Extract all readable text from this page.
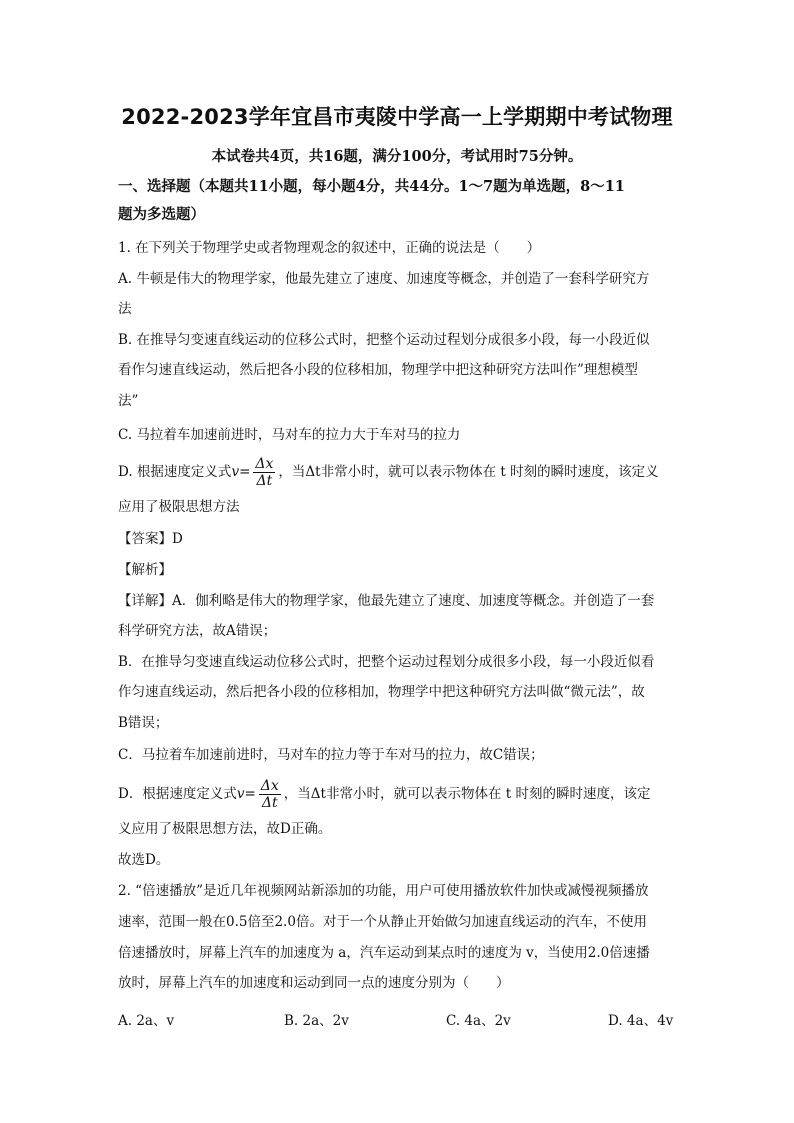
2022-2023学年宜昌市夷陵中学高一上学期期中考试物理
本试卷共4页，共16题，满分100分，考试用时75分钟。
一、选择题（本题共11小题，每小题4分，共44分。1～7题为单选题，8～11
题为多选题）
1. 在下列关于物理学史或者物理观念的叙述中，正确的说法是（　　）
A. 牛顿是伟大的物理学家，他最先建立了速度、加速度等概念，并创造了一套科学研究方
法
B. 在推导匀变速直线运动的位移公式时，把整个运动过程划分成很多小段，每一小段近似
看作匀速直线运动，然后把各小段的位移相加，物理学中把这种研究方法叫作”理想模型
法”
C. 马拉着车加速前进时，马对车的拉力大于车对马的拉力
D. 根据速度定义式$v= \frac{\Delta x}{\Delta t}$ ，当Δt非常小时，就可以表示物体在 t 时刻的瞬时速度，该定义
应用了极限思想方法
【答案】D
【解析】
【详解】A．伽利略是伟大的物理学家，他最先建立了速度、加速度等概念。并创造了一套
科学研究方法，故A错误；
B．在推导匀变速直线运动位移公式时，把整个运动过程划分成很多小段，每一小段近似看
作匀速直线运动，然后把各小段的位移相加，物理学中把这种研究方法叫做“微元法”，故
B错误；
C．马拉着车加速前进时，马对车的拉力等于车对马的拉力，故C错误；
D．根据速度定义式$v= \frac{\Delta x}{\Delta t}$ ，当Δt非常小时，就可以表示物体在 t 时刻的瞬时速度，该定
义应用了极限思想方法，故D正确。
故选D。
2. “倍速播放”是近几年视频网站新添加的功能，用户可使用播放软件加快或减慢视频播放
速率，范围一般在0.5倍至2.0倍。对于一个从静止开始做匀加速直线运动的汽车，不使用
倍速播放时，屏幕上汽车的加速度为 a，汽车运动到某点时的速度为 v，当使用2.0倍速播
放时，屏幕上汽车的加速度和运动到同一点的速度分别为（　　）
A. 2a、v	B. 2a、2v	C. 4a、2v	D. 4a、4v
